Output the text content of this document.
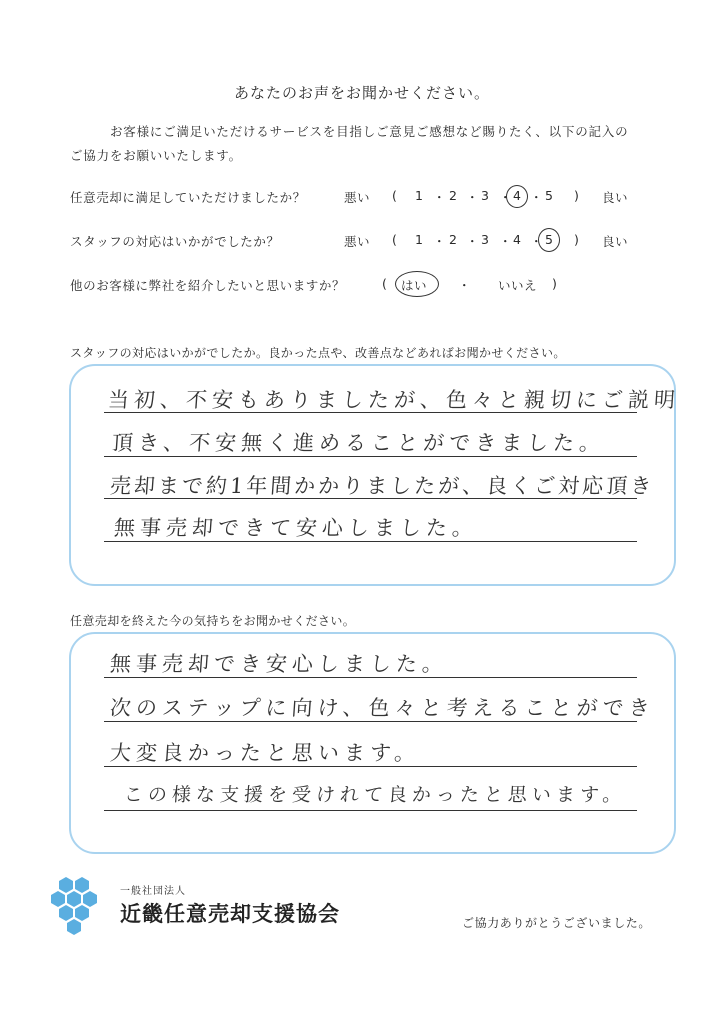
あなたのお声をお聞かせください。
お客様にご満足いただけるサービスを目指しご意見ご感想など賜りたく、以下の記入の
ご協力をお願いいたします。
任意売却に満足していただけましたか？	悪い ( 1 ・ 2 ・ 3 ・ 4 ・ 5 ) 良い
スタッフの対応はいかがでしたか？	悪い ( 1 ・ 2 ・ 3 ・ 4 ・ 5 ) 良い
他のお客様に弊社を紹介したいと思いますか？	( はい ・ いいえ )
スタッフの対応はいかがでしたか。良かった点や、改善点などあればお聞かせください。
当初、不安もありましたが、色々と親切にご説明
頂き、不安無く進めることができました。
売却まで約1年間かかりましたが、良くご対応頂き
無事売却できて安心しました。
任意売却を終えた今の気持ちをお聞かせください。
無事売却でき安心しました。
次のステップに向け、色々と考えることができ
大変良かったと思います。
この様な支援を受けれて良かったと思います。
一般社団法人
近畿任意売却支援協会	ご協力ありがとうございました。
